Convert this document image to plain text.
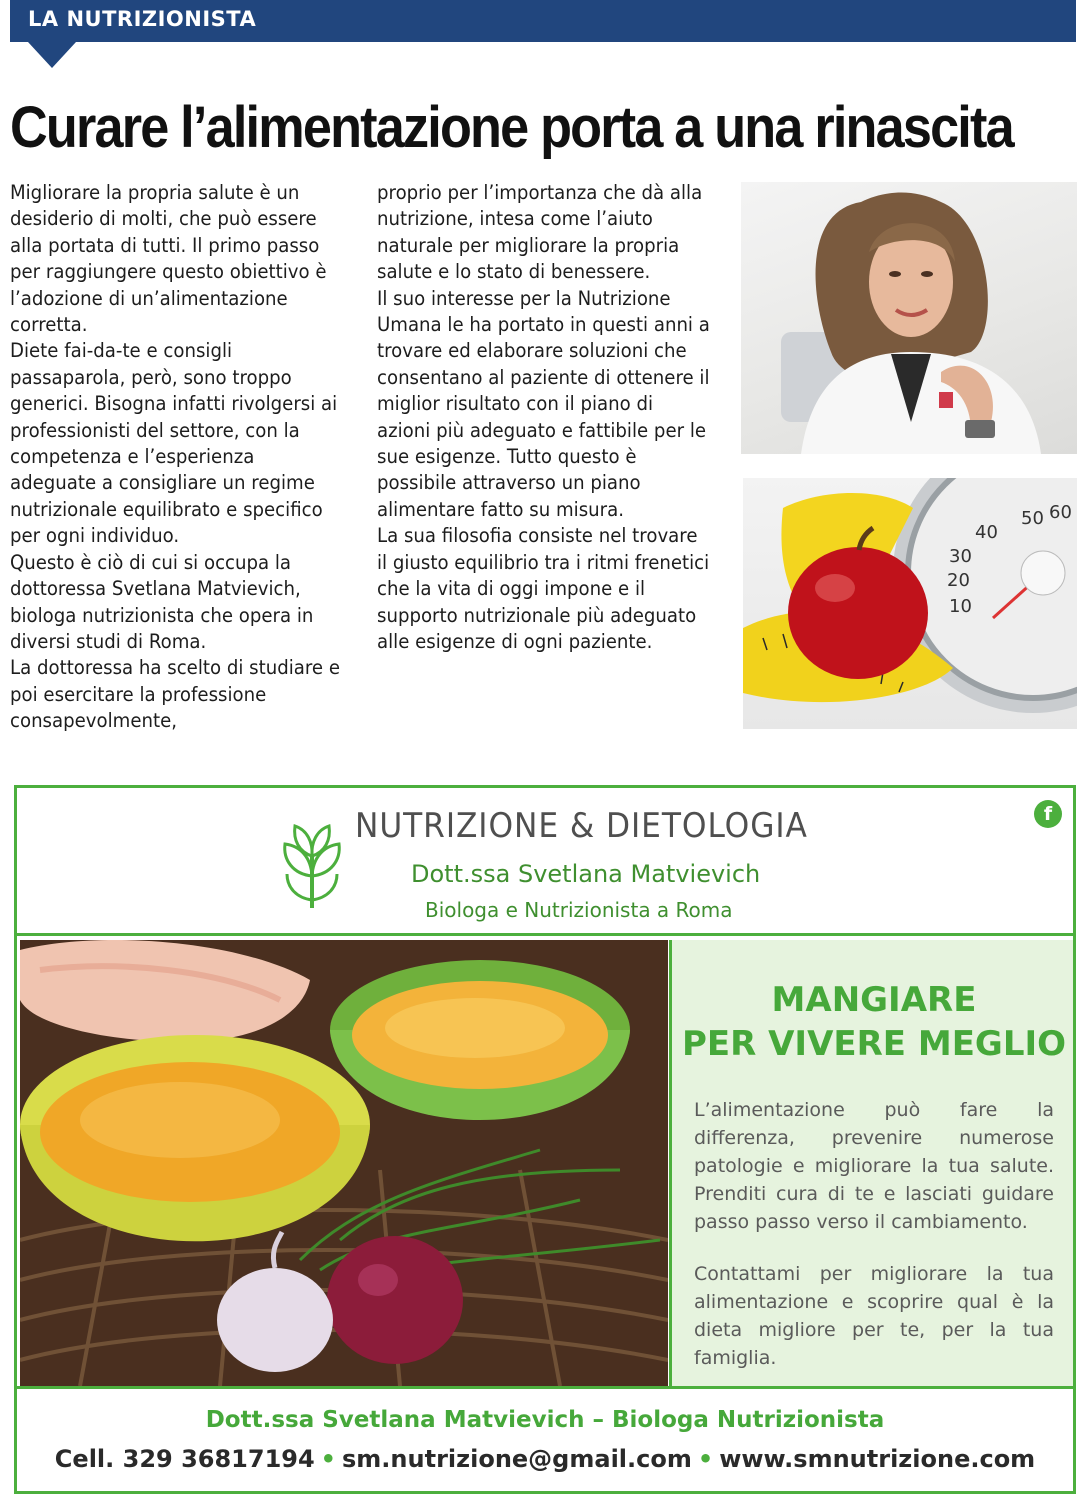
LA NUTRIZIONISTA
Curare l’alimentazione porta a una rinascita

Migliorare la propria salute è un desiderio di molti, che può essere alla portata di tutti. Il primo passo per raggiungere questo obiettivo è l’adozione di un’alimentazione corretta.

Diete fai-da-te e consigli passaparola, però, sono troppo generici. Bisogna infatti rivolgersi ai professionisti del settore, con la competenza e l’esperienza adeguate a consigliare un regime nutrizionale equilibrato e specifico per ogni individuo.

Questo è ciò di cui si occupa la dottoressa Svetlana Matvievich, biologa nutrizionista che opera in diversi studi di Roma.

La dottoressa ha scelto di studiare e poi esercitare la professione consapevolmente,

proprio per l’importanza che dà alla nutrizione, intesa come l’aiuto naturale per migliorare la propria salute e lo stato di benessere.

Il suo interesse per la Nutrizione Umana le ha portato in questi anni a trovare ed elaborare soluzioni che consentano al paziente di ottenere il miglior risultato con il piano di azioni più adeguato e fattibile per le sue esigenze. Tutto questo è possibile attraverso un piano alimentare fatto su misura.

La sua filosofia consiste nel trovare il giusto equilibrio tra i ritmi frenetici che la vita di oggi impone e il supporto nutrizionale più adeguato alle esigenze di ogni paziente.

50 60
40
30
20
10
NUTRIZIONE & DIETOLOGIA
Dott.ssa Svetlana Matvievich
Biologa e Nutrizionista a Roma
f
MANGIARE
PER VIVERE MEGLIO
L’alimentazione può fare la differenza, prevenire numerose patologie e migliorare la tua salute. Prenditi cura di te e lasciati guidare passo passo verso il cambiamento.
Contattami per migliorare la tua alimentazione e scoprire qual è la dieta migliore per te, per la tua famiglia.
Dott.ssa Svetlana Matvievich – Biologa Nutrizionista
Cell. 329 36817194 • sm.nutrizione@gmail.com • www.smnutrizione.com
